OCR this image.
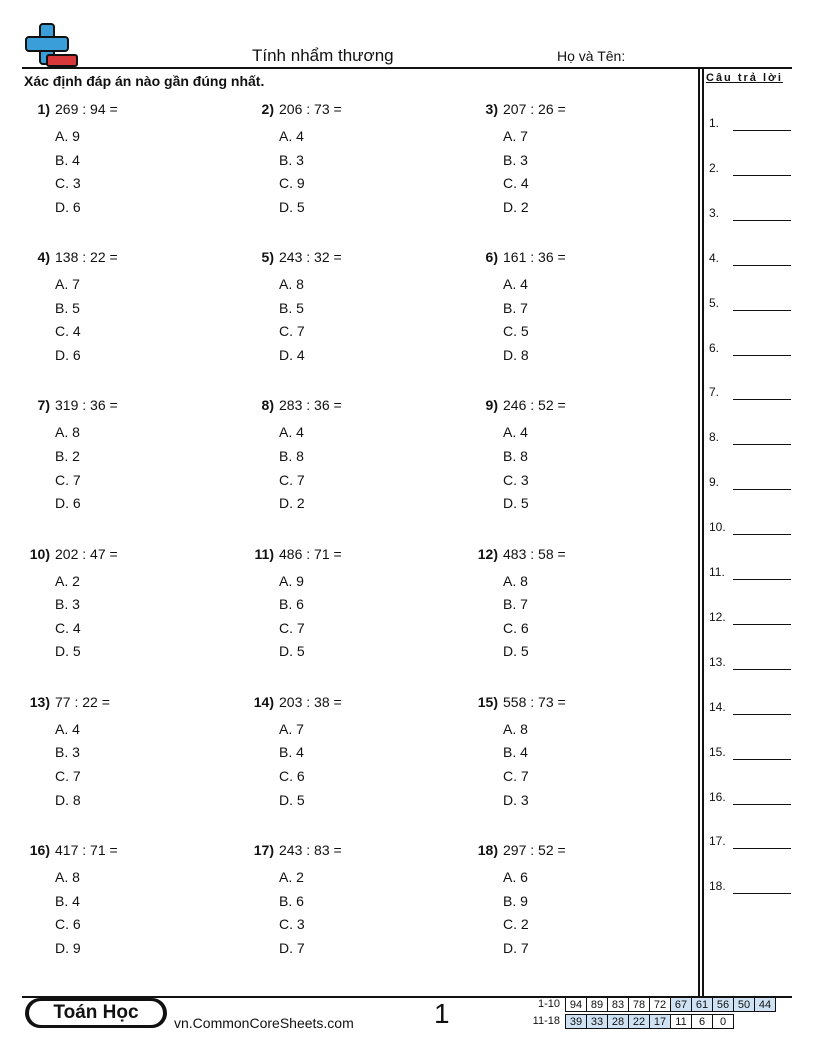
Tính nhẩm thương	Họ và Tên:
Xác định đáp án nào gần đúng nhất.	Câu trả lời
1.
2.
3.
4.
5.
6.
7.
8.
9.
10.
11.
12.
13.
14.
15.
16.
17.
18.
1) 269 : 94 =
A. 9
B. 4
C. 3
D. 6
2) 206 : 73 =
A. 4
B. 3
C. 9
D. 5
3) 207 : 26 =
A. 7
B. 3
C. 4
D. 2
4) 138 : 22 =
A. 7
B. 5
C. 4
D. 6
5) 243 : 32 =
A. 8
B. 5
C. 7
D. 4
6) 161 : 36 =
A. 4
B. 7
C. 5
D. 8
7) 319 : 36 =
A. 8
B. 2
C. 7
D. 6
8) 283 : 36 =
A. 4
B. 8
C. 7
D. 2
9) 246 : 52 =
A. 4
B. 8
C. 3
D. 5
10) 202 : 47 =
A. 2
B. 3
C. 4
D. 5
11) 486 : 71 =
A. 9
B. 6
C. 7
D. 5
12) 483 : 58 =
A. 8
B. 7
C. 6
D. 5
13) 77 : 22 =
A. 4
B. 3
C. 7
D. 8
14) 203 : 38 =
A. 7
B. 4
C. 6
D. 5
15) 558 : 73 =
A. 8
B. 4
C. 7
D. 3
16) 417 : 71 =
A. 8
B. 4
C. 6
D. 9
17) 243 : 83 =
A. 2
B. 6
C. 3
D. 7
18) 297 : 52 =
A. 6
B. 9
C. 2
D. 7
Toán Học	vn.CommonCoreSheets.com	1	1-10 94	89	83	78	72	67	61	56	50	44
11-18 39	33	28	22	17	11	6	0
